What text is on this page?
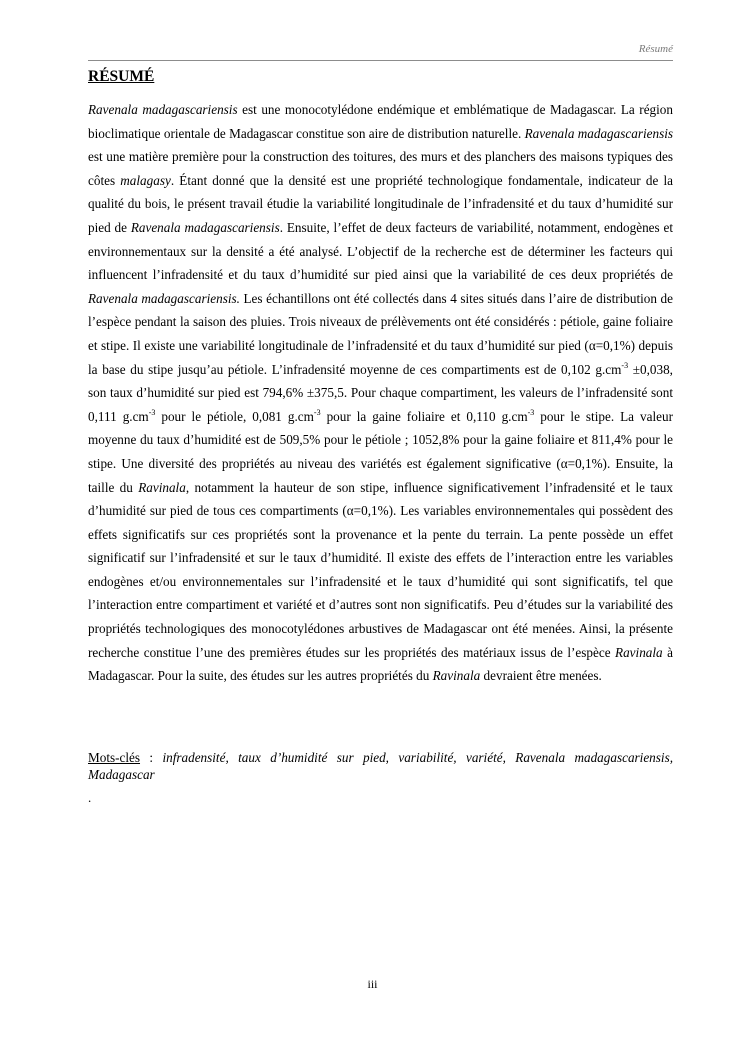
Résumé
RÉSUMÉ

Ravenala madagascariensis est une monocotylédone endémique et emblématique de Madagascar. La région bioclimatique orientale de Madagascar constitue son aire de distribution naturelle. Ravenala madagascariensis est une matière première pour la construction des toitures, des murs et des planchers des maisons typiques des côtes malagasy. Étant donné que la densité est une propriété technologique fondamentale, indicateur de la qualité du bois, le présent travail étudie la variabilité longitudinale de l’infradensité et du taux d’humidité sur pied de Ravenala madagascariensis. Ensuite, l’effet de deux facteurs de variabilité, notamment, endogènes et environnementaux sur la densité a été analysé. L’objectif de la recherche est de déterminer les facteurs qui influencent l’infradensité et du taux d’humidité sur pied ainsi que la variabilité de ces deux propriétés de Ravenala madagascariensis. Les échantillons ont été collectés dans 4 sites situés dans l’aire de distribution de l’espèce pendant la saison des pluies. Trois niveaux de prélèvements ont été considérés : pétiole, gaine foliaire et stipe. Il existe une variabilité longitudinale de l’infradensité et du taux d’humidité sur pied (α=0,1%) depuis la base du stipe jusqu’au pétiole. L’infradensité moyenne de ces compartiments est de 0,102 $g.cm^{-3} \pm 0,038$, son taux d’humidité sur pied est 794,6% ±375,5. Pour chaque compartiment, les valeurs de l’infradensité sont 0,111 $g.cm^{-3}$ pour le pétiole, 0,081 $g.cm^{-3}$ pour la gaine foliaire et 0,110 $g.cm^{-3}$ pour le stipe. La valeur moyenne du taux d’humidité est de 509,5% pour le pétiole ; 1052,8% pour la gaine foliaire et 811,4% pour le stipe. Une diversité des propriétés au niveau des variétés est également significative (α=0,1%). Ensuite, la taille du Ravinala, notamment la hauteur de son stipe, influence significativement l’infradensité et le taux d’humidité sur pied de tous ces compartiments (α=0,1%). Les variables environnementales qui possèdent des effets significatifs sur ces propriétés sont la provenance et la pente du terrain. La pente possède un effet significatif sur l’infradensité et sur le taux d’humidité. Il existe des effets de l’interaction entre les variables endogènes et/ou environnementales sur l’infradensité et le taux d’humidité qui sont significatifs, tel que l’interaction entre compartiment et variété et d’autres sont non significatifs. Peu d’études sur la variabilité des propriétés technologiques des monocotylédones arbustives de Madagascar ont été menées. Ainsi, la présente recherche constitue l’une des premières études sur les propriétés des matériaux issus de l’espèce Ravinala à Madagascar. Pour la suite, des études sur les autres propriétés du Ravinala devraient être menées.

Mots-clés : infradensité, taux d’humidité sur pied, variabilité, variété, Ravenala madagascariensis, Madagascar

.
iii
